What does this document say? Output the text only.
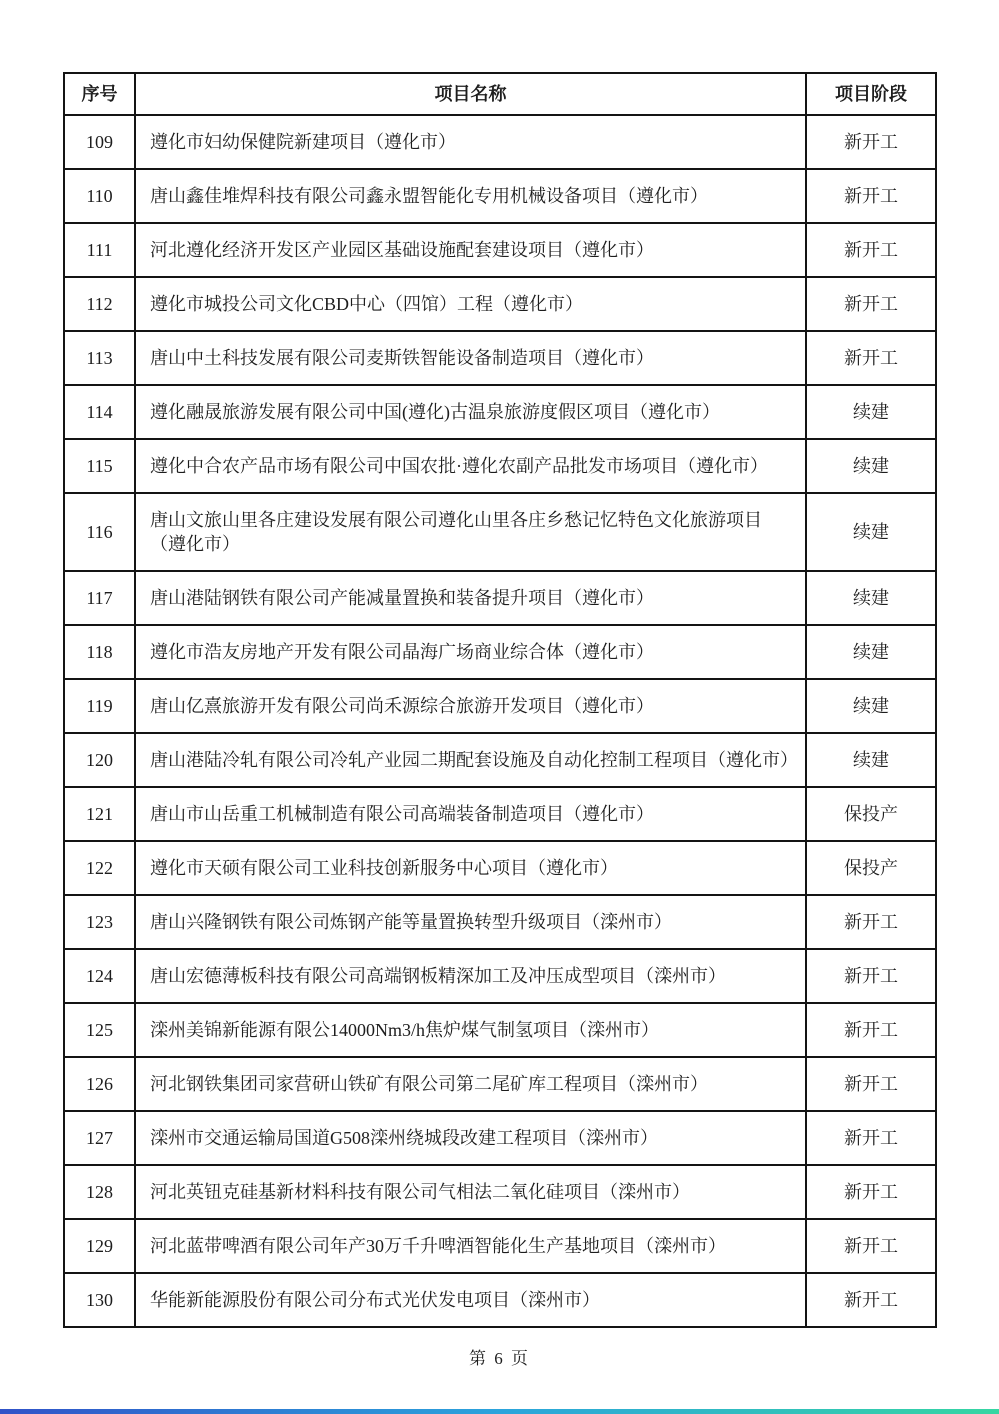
序号	项目名称	项目阶段
109	遵化市妇幼保健院新建项目（遵化市）	新开工
110	唐山鑫佳堆焊科技有限公司鑫永盟智能化专用机械设备项目（遵化市）	新开工
111	河北遵化经济开发区产业园区基础设施配套建设项目（遵化市）	新开工
112	遵化市城投公司文化CBD中心（四馆）工程（遵化市）	新开工
113	唐山中土科技发展有限公司麦斯铁智能设备制造项目（遵化市）	新开工
114	遵化融晟旅游发展有限公司中国(遵化)古温泉旅游度假区项目（遵化市）	续建
115	遵化中合农产品市场有限公司中国农批·遵化农副产品批发市场项目（遵化市）	续建
116	唐山文旅山里各庄建设发展有限公司遵化山里各庄乡愁记忆特色文化旅游项目（遵化市）	续建
117	唐山港陆钢铁有限公司产能减量置换和装备提升项目（遵化市）	续建
118	遵化市浩友房地产开发有限公司晶海广场商业综合体（遵化市）	续建
119	唐山亿熹旅游开发有限公司尚禾源综合旅游开发项目（遵化市）	续建
120	唐山港陆冷轧有限公司冷轧产业园二期配套设施及自动化控制工程项目（遵化市）	续建
121	唐山市山岳重工机械制造有限公司高端装备制造项目（遵化市）	保投产
122	遵化市天硕有限公司工业科技创新服务中心项目（遵化市）	保投产
123	唐山兴隆钢铁有限公司炼钢产能等量置换转型升级项目（滦州市）	新开工
124	唐山宏德薄板科技有限公司高端钢板精深加工及冲压成型项目（滦州市）	新开工
125	滦州美锦新能源有限公14000Nm3/h焦炉煤气制氢项目（滦州市）	新开工
126	河北钢铁集团司家营研山铁矿有限公司第二尾矿库工程项目（滦州市）	新开工
127	滦州市交通运输局国道G508滦州绕城段改建工程项目（滦州市）	新开工
128	河北英钮克硅基新材料科技有限公司气相法二氧化硅项目（滦州市）	新开工
129	河北蓝带啤酒有限公司年产30万千升啤酒智能化生产基地项目（滦州市）	新开工
130	华能新能源股份有限公司分布式光伏发电项目（滦州市）	新开工
第 6 页
